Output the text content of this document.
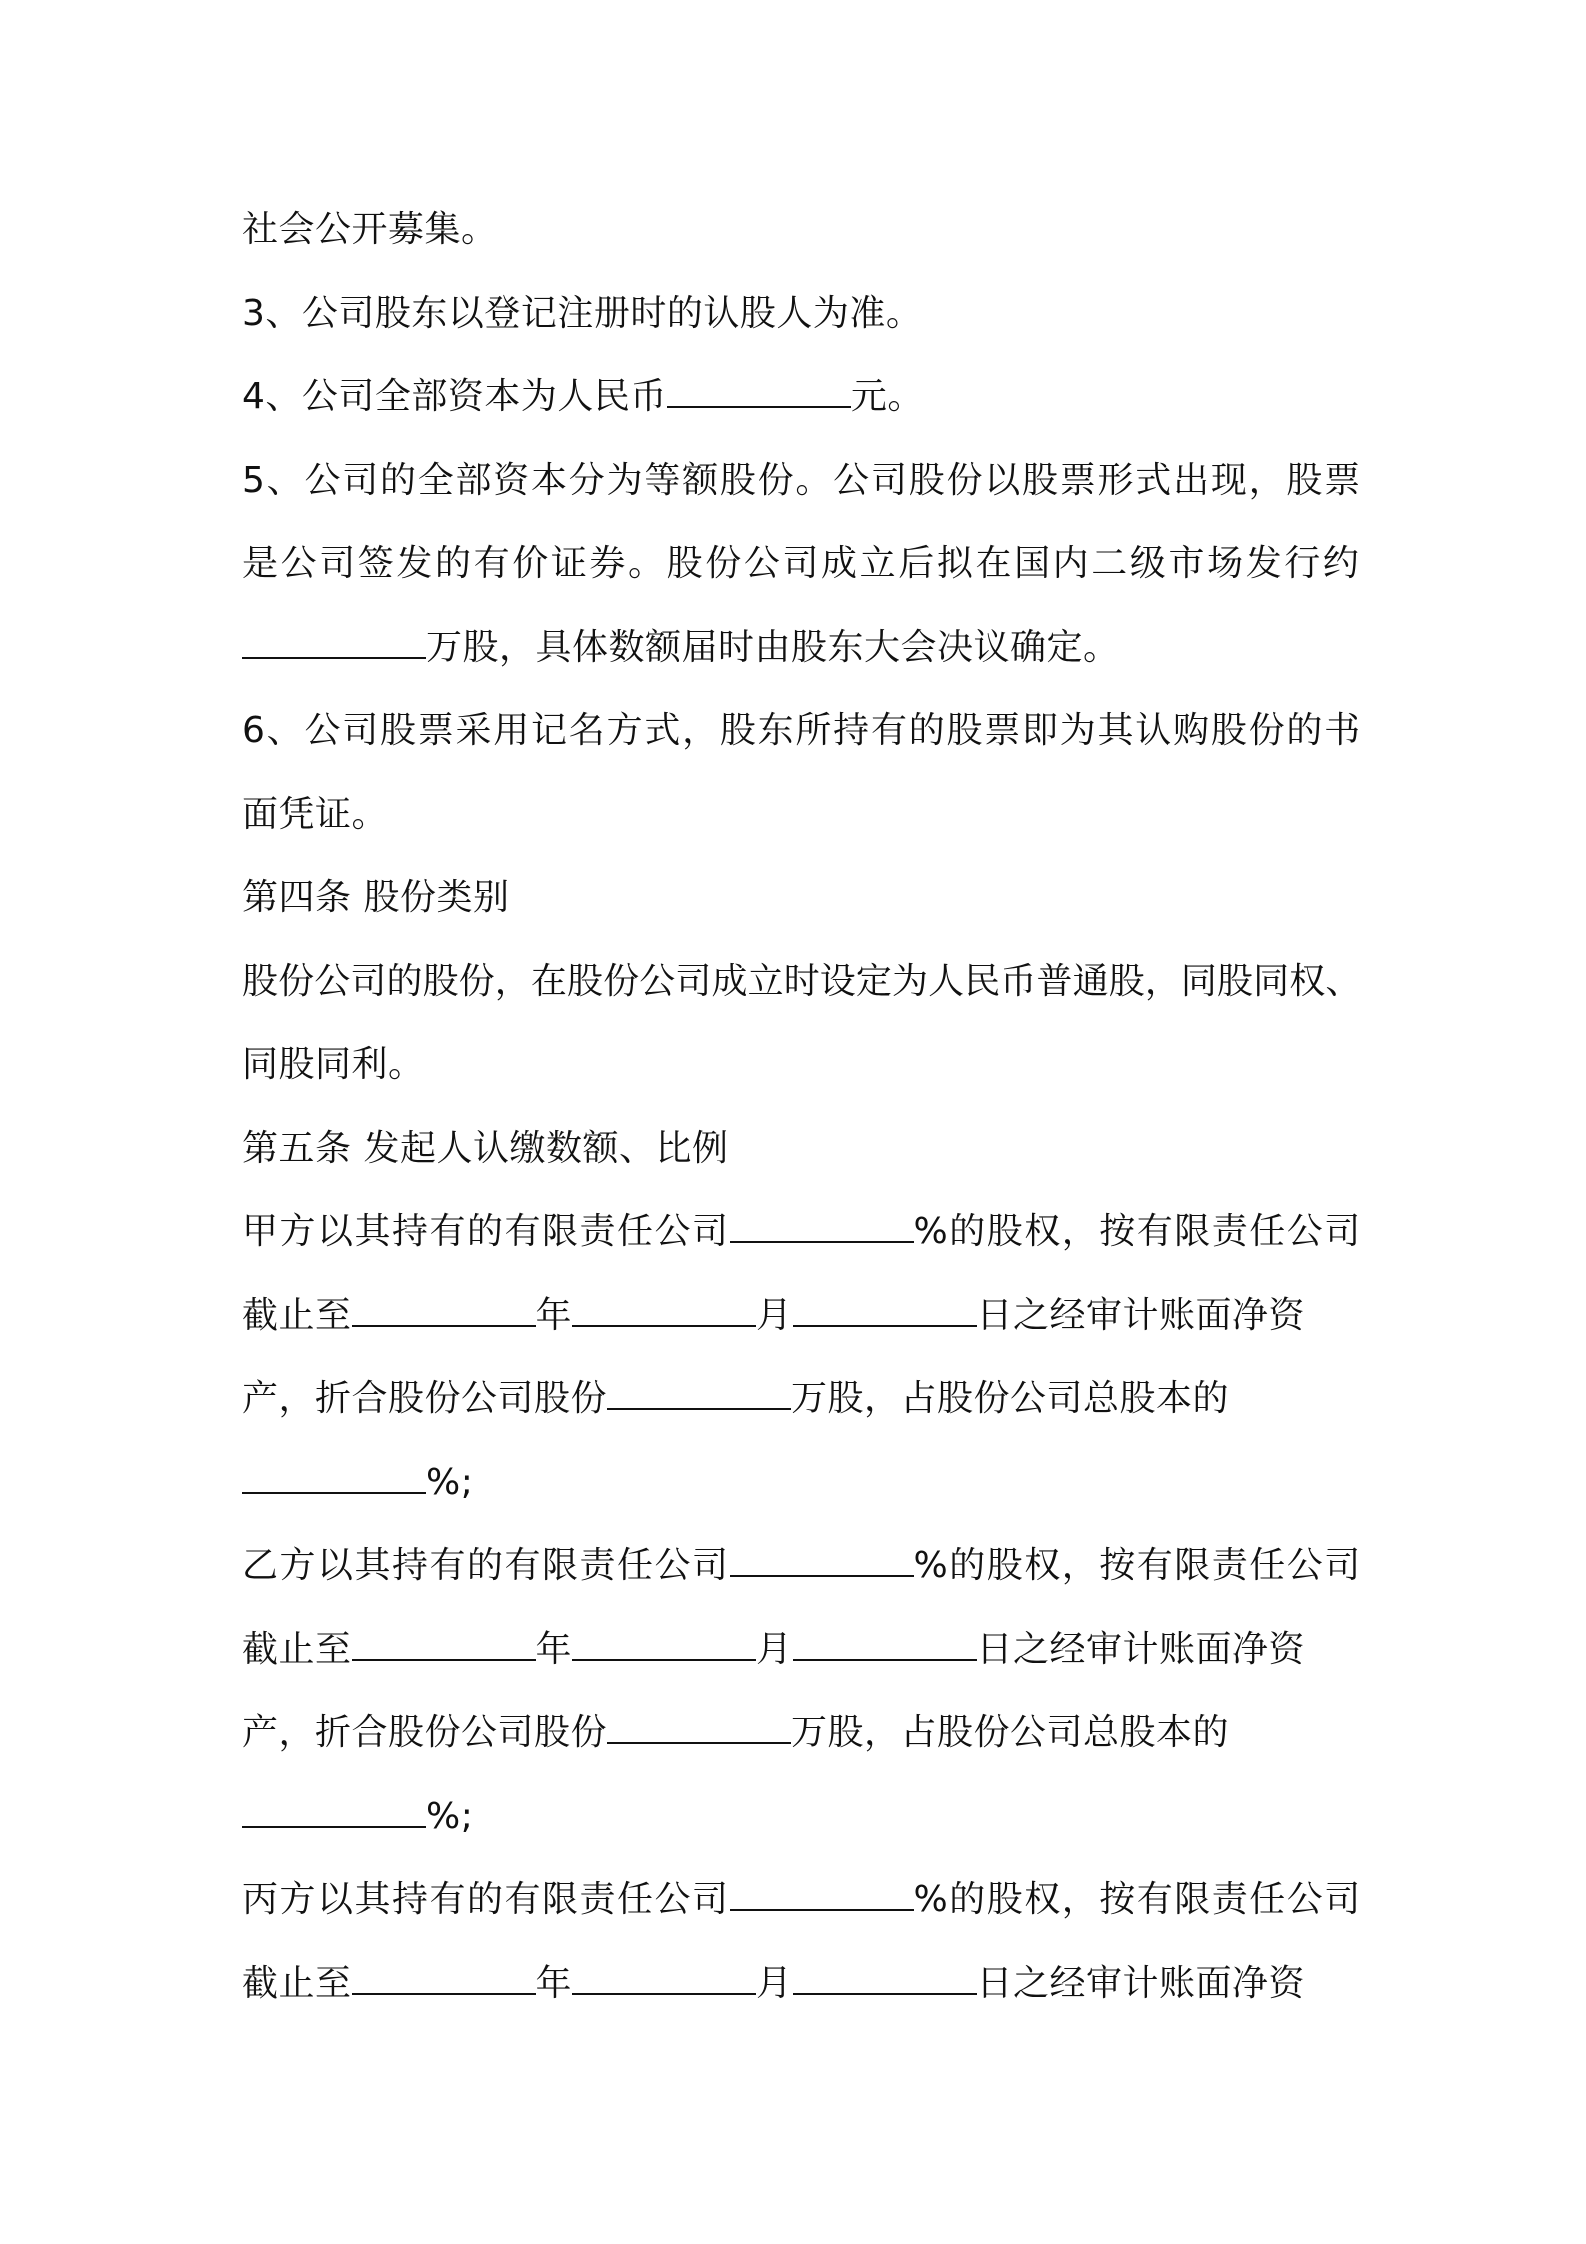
社会公开募集。
3、公司股东以登记注册时的认股人为准。
4、公司全部资本为人民币	元。
5、公司的全部资本分为等额股份。公司股份以股票形式出现，股票
是公司签发的有价证券。股份公司成立后拟在国内二级市场发行约
万股，具体数额届时由股东大会决议确定。
6、公司股票采用记名方式，股东所持有的股票即为其认购股份的书
面凭证。
第四条 股份类别
股份公司的股份，在股份公司成立时设定为人民币普通股，同股同权、
同股同利。
第五条 发起人认缴数额、比例
甲方以其持有的有限责任公司	%的股权，按有限责任公司
截止至	年	月	日之经审计账面净资
产，折合股份公司股份	万股，占股份公司总股本的
%;
乙方以其持有的有限责任公司	%的股权，按有限责任公司
截止至	年	月	日之经审计账面净资
产，折合股份公司股份	万股，占股份公司总股本的
%;
丙方以其持有的有限责任公司	%的股权，按有限责任公司
截止至	年	月	日之经审计账面净资
